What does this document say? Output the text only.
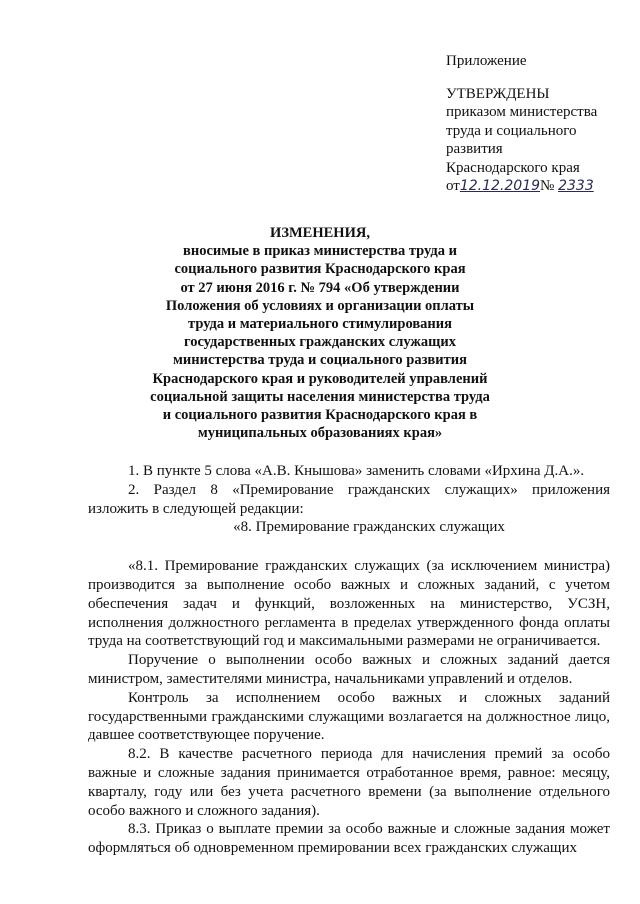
Приложение
УТВЕРЖДЕНЫ
приказом министерства
труда и социального
развития
Краснодарского края
от12.12.2019№ 2333
ИЗМЕНЕНИЯ,
вносимые в приказ министерства труда и
социального развития Краснодарского края
от 27 июня 2016 г. № 794 «Об утверждении
Положения об условиях и организации оплаты
труда и материального стимулирования
государственных гражданских служащих
министерства труда и социального развития
Краснодарского края и руководителей управлений
социальной защиты населения министерства труда
и социального развития Краснодарского края в
муниципальных образованиях края»

1. В пункте 5 слова «А.В. Кнышова» заменить словами «Ирхина Д.А.».

2. Раздел 8 «Премирование гражданских служащих» приложения изложить в следующей редакции:

«8. Премирование гражданских служащих

«8.1. Премирование гражданских служащих (за исключением министра) производится за выполнение особо важных и сложных заданий, с учетом обеспечения задач и функций, возложенных на министерство, УСЗН, исполнения должностного регламента в пределах утвержденного фонда оплаты труда на соответствующий год и максимальными размерами не ограничивается.

Поручение о выполнении особо важных и сложных заданий дается министром, заместителями министра, начальниками управлений и отделов.

Контроль за исполнением особо важных и сложных заданий государственными гражданскими служащими возлагается на должностное лицо, давшее соответствующее поручение.

8.2. В качестве расчетного периода для начисления премий за особо важные и сложные задания принимается отработанное время, равное: месяцу, кварталу, году или без учета расчетного времени (за выполнение отдельного особо важного и сложного задания).

8.3. Приказ о выплате премии за особо важные и сложные задания может оформляться об одновременном премировании всех гражданских служащих
